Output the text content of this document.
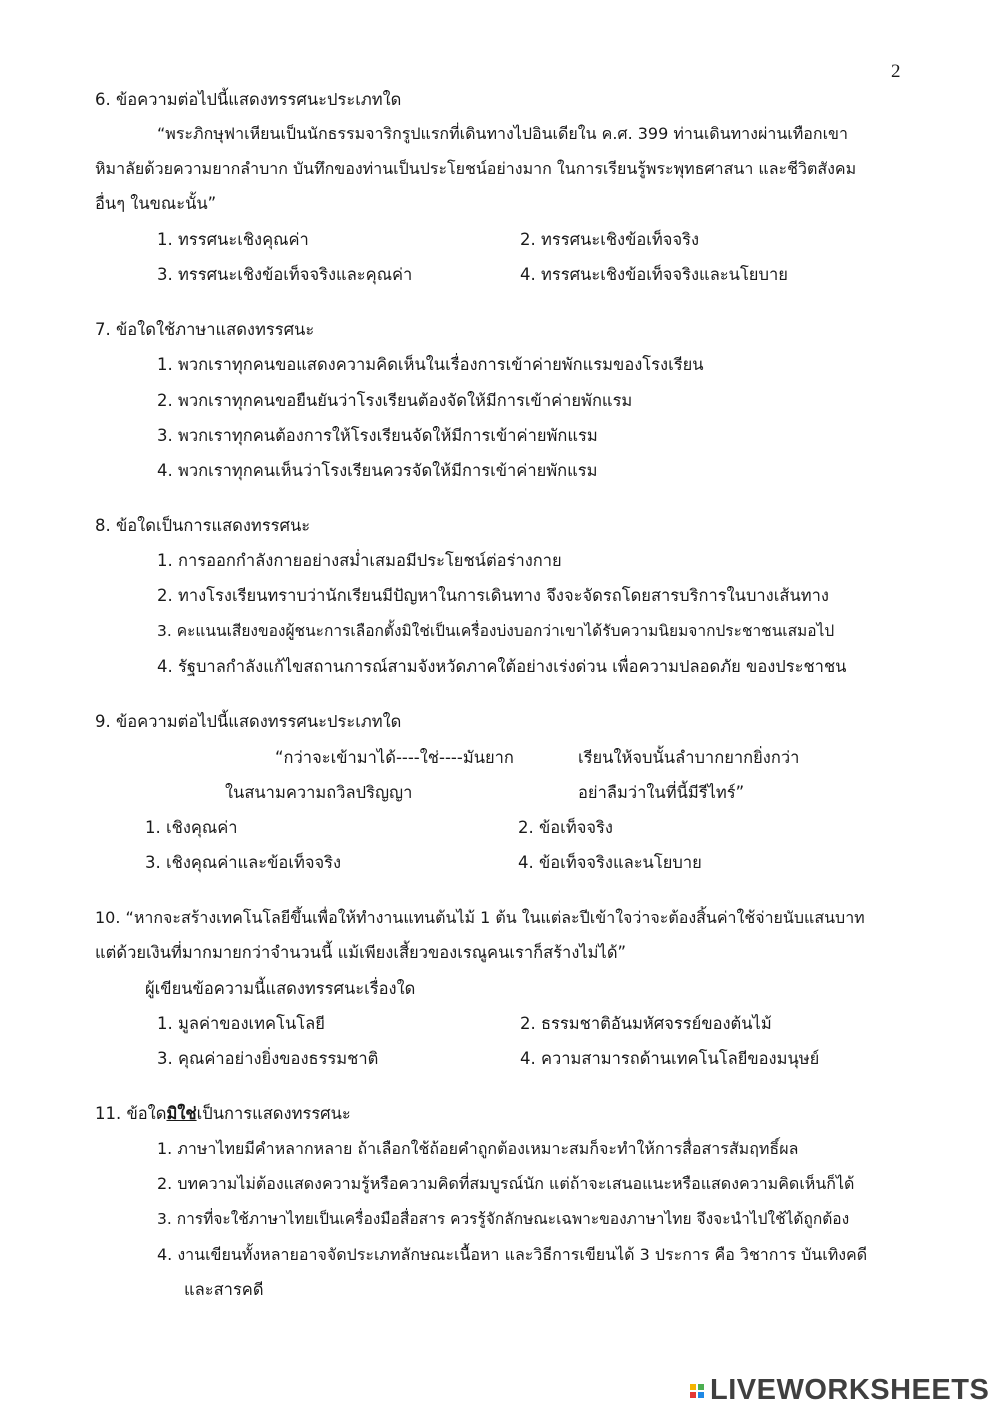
2
6. ข้อความต่อไปนี้แสดงทรรศนะประเภทใด
“พระภิกษุฟาเหียนเป็นนักธรรมจาริกรูปแรกที่เดินทางไปอินเดียใน ค.ศ. 399 ท่านเดินทางผ่านเทือกเขา
หิมาลัยด้วยความยากลำบาก บันทึกของท่านเป็นประโยชน์อย่างมาก ในการเรียนรู้พระพุทธศาสนา และชีวิตสังคม
อื่นๆ ในขณะนั้น”
1. ทรรศนะเชิงคุณค่า	2. ทรรศนะเชิงข้อเท็จจริง
3. ทรรศนะเชิงข้อเท็จจริงและคุณค่า	4. ทรรศนะเชิงข้อเท็จจริงและนโยบาย
7. ข้อใดใช้ภาษาแสดงทรรศนะ
1. พวกเราทุกคนขอแสดงความคิดเห็นในเรื่องการเข้าค่ายพักแรมของโรงเรียน
2. พวกเราทุกคนขอยืนยันว่าโรงเรียนต้องจัดให้มีการเข้าค่ายพักแรม
3. พวกเราทุกคนต้องการให้โรงเรียนจัดให้มีการเข้าค่ายพักแรม
4. พวกเราทุกคนเห็นว่าโรงเรียนควรจัดให้มีการเข้าค่ายพักแรม
8. ข้อใดเป็นการแสดงทรรศนะ
1. การออกกำลังกายอย่างสม่ำเสมอมีประโยชน์ต่อร่างกาย
2. ทางโรงเรียนทราบว่านักเรียนมีปัญหาในการเดินทาง จึงจะจัดรถโดยสารบริการในบางเส้นทาง
3. คะแนนเสียงของผู้ชนะการเลือกตั้งมิใช่เป็นเครื่องบ่งบอกว่าเขาได้รับความนิยมจากประชาชนเสมอไป
4. รัฐบาลกำลังแก้ไขสถานการณ์สามจังหวัดภาคใต้อย่างเร่งด่วน เพื่อความปลอดภัย ของประชาชน
9. ข้อความต่อไปนี้แสดงทรรศนะประเภทใด
“กว่าจะเข้ามาได้----ใช่----มันยาก	เรียนให้จบนั้นลำบากยากยิ่งกว่า
ในสนามความถวิลปริญญา	อย่าลืมว่าในที่นี้มีรีไทร์”
1. เชิงคุณค่า	2. ข้อเท็จจริง
3. เชิงคุณค่าและข้อเท็จจริง	4. ข้อเท็จจริงและนโยบาย
10. “หากจะสร้างเทคโนโลยีขึ้นเพื่อให้ทำงานแทนต้นไม้ 1 ต้น ในแต่ละปีเข้าใจว่าจะต้องสิ้นค่าใช้จ่ายนับแสนบาท
แต่ด้วยเงินที่มากมายกว่าจำนวนนี้ แม้เพียงเสี้ยวของเรณูคนเราก็สร้างไม่ได้”
ผู้เขียนข้อความนี้แสดงทรรศนะเรื่องใด
1. มูลค่าของเทคโนโลยี	2. ธรรมชาติอันมหัศจรรย์ของต้นไม้
3. คุณค่าอย่างยิ่งของธรรมชาติ	4. ความสามารถด้านเทคโนโลยีของมนุษย์
11. ข้อใดมิใช่เป็นการแสดงทรรศนะ
1. ภาษาไทยมีคำหลากหลาย ถ้าเลือกใช้ถ้อยคำถูกต้องเหมาะสมก็จะทำให้การสื่อสารสัมฤทธิ์ผล
2. บทความไม่ต้องแสดงความรู้หรือความคิดที่สมบูรณ์นัก แต่ถ้าจะเสนอแนะหรือแสดงความคิดเห็นก็ได้
3. การที่จะใช้ภาษาไทยเป็นเครื่องมือสื่อสาร ควรรู้จักลักษณะเฉพาะของภาษาไทย จึงจะนำไปใช้ได้ถูกต้อง
4. งานเขียนทั้งหลายอาจจัดประเภทลักษณะเนื้อหา และวิธีการเขียนได้ 3 ประการ คือ วิชาการ บันเทิงคดี
และสารคดี
LIVEWORKSHEETS
